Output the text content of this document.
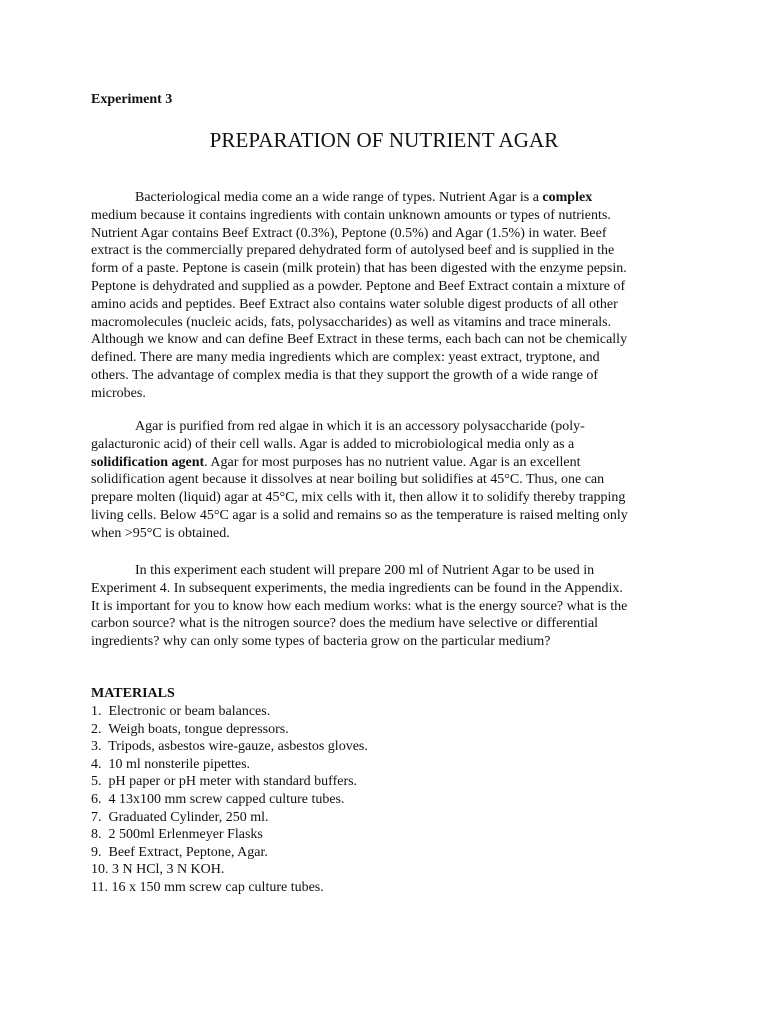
Experiment 3
PREPARATION OF NUTRIENT AGAR
Bacteriological media come an a wide range of types. Nutrient Agar is a complex
medium because it contains ingredients with contain unknown amounts or types of nutrients.
Nutrient Agar contains Beef Extract (0.3%), Peptone (0.5%) and Agar (1.5%) in water. Beef
extract is the commercially prepared dehydrated form of autolysed beef and is supplied in the
form of a paste. Peptone is casein (milk protein) that has been digested with the enzyme pepsin.
Peptone is dehydrated and supplied as a powder. Peptone and Beef Extract contain a mixture of
amino acids and peptides. Beef Extract also contains water soluble digest products of all other
macromolecules (nucleic acids, fats, polysaccharides) as well as vitamins and trace minerals.
Although we know and can define Beef Extract in these terms, each bach can not be chemically
defined. There are many media ingredients which are complex: yeast extract, tryptone, and
others. The advantage of complex media is that they support the growth of a wide range of
microbes.
Agar is purified from red algae in which it is an accessory polysaccharide (poly-
galacturonic acid) of their cell walls. Agar is added to microbiological media only as a
solidification agent. Agar for most purposes has no nutrient value. Agar is an excellent
solidification agent because it dissolves at near boiling but solidifies at 45°C. Thus, one can
prepare molten (liquid) agar at 45°C, mix cells with it, then allow it to solidify thereby trapping
living cells. Below 45°C agar is a solid and remains so as the temperature is raised melting only
when >95°C is obtained.
In this experiment each student will prepare 200 ml of Nutrient Agar to be used in
Experiment 4. In subsequent experiments, the media ingredients can be found in the Appendix.
It is important for you to know how each medium works: what is the energy source? what is the
carbon source? what is the nitrogen source? does the medium have selective or differential
ingredients? why can only some types of bacteria grow on the particular medium?
MATERIALS
1.  Electronic or beam balances.
2.  Weigh boats, tongue depressors.
3.  Tripods, asbestos wire-gauze, asbestos gloves.
4.  10 ml nonsterile pipettes.
5.  pH paper or pH meter with standard buffers.
6.  4 13x100 mm screw capped culture tubes.
7.  Graduated Cylinder, 250 ml.
8.  2 500ml Erlenmeyer Flasks
9.  Beef Extract, Peptone, Agar.
10. 3 N HCl, 3 N KOH.
11. 16 x 150 mm screw cap culture tubes.
